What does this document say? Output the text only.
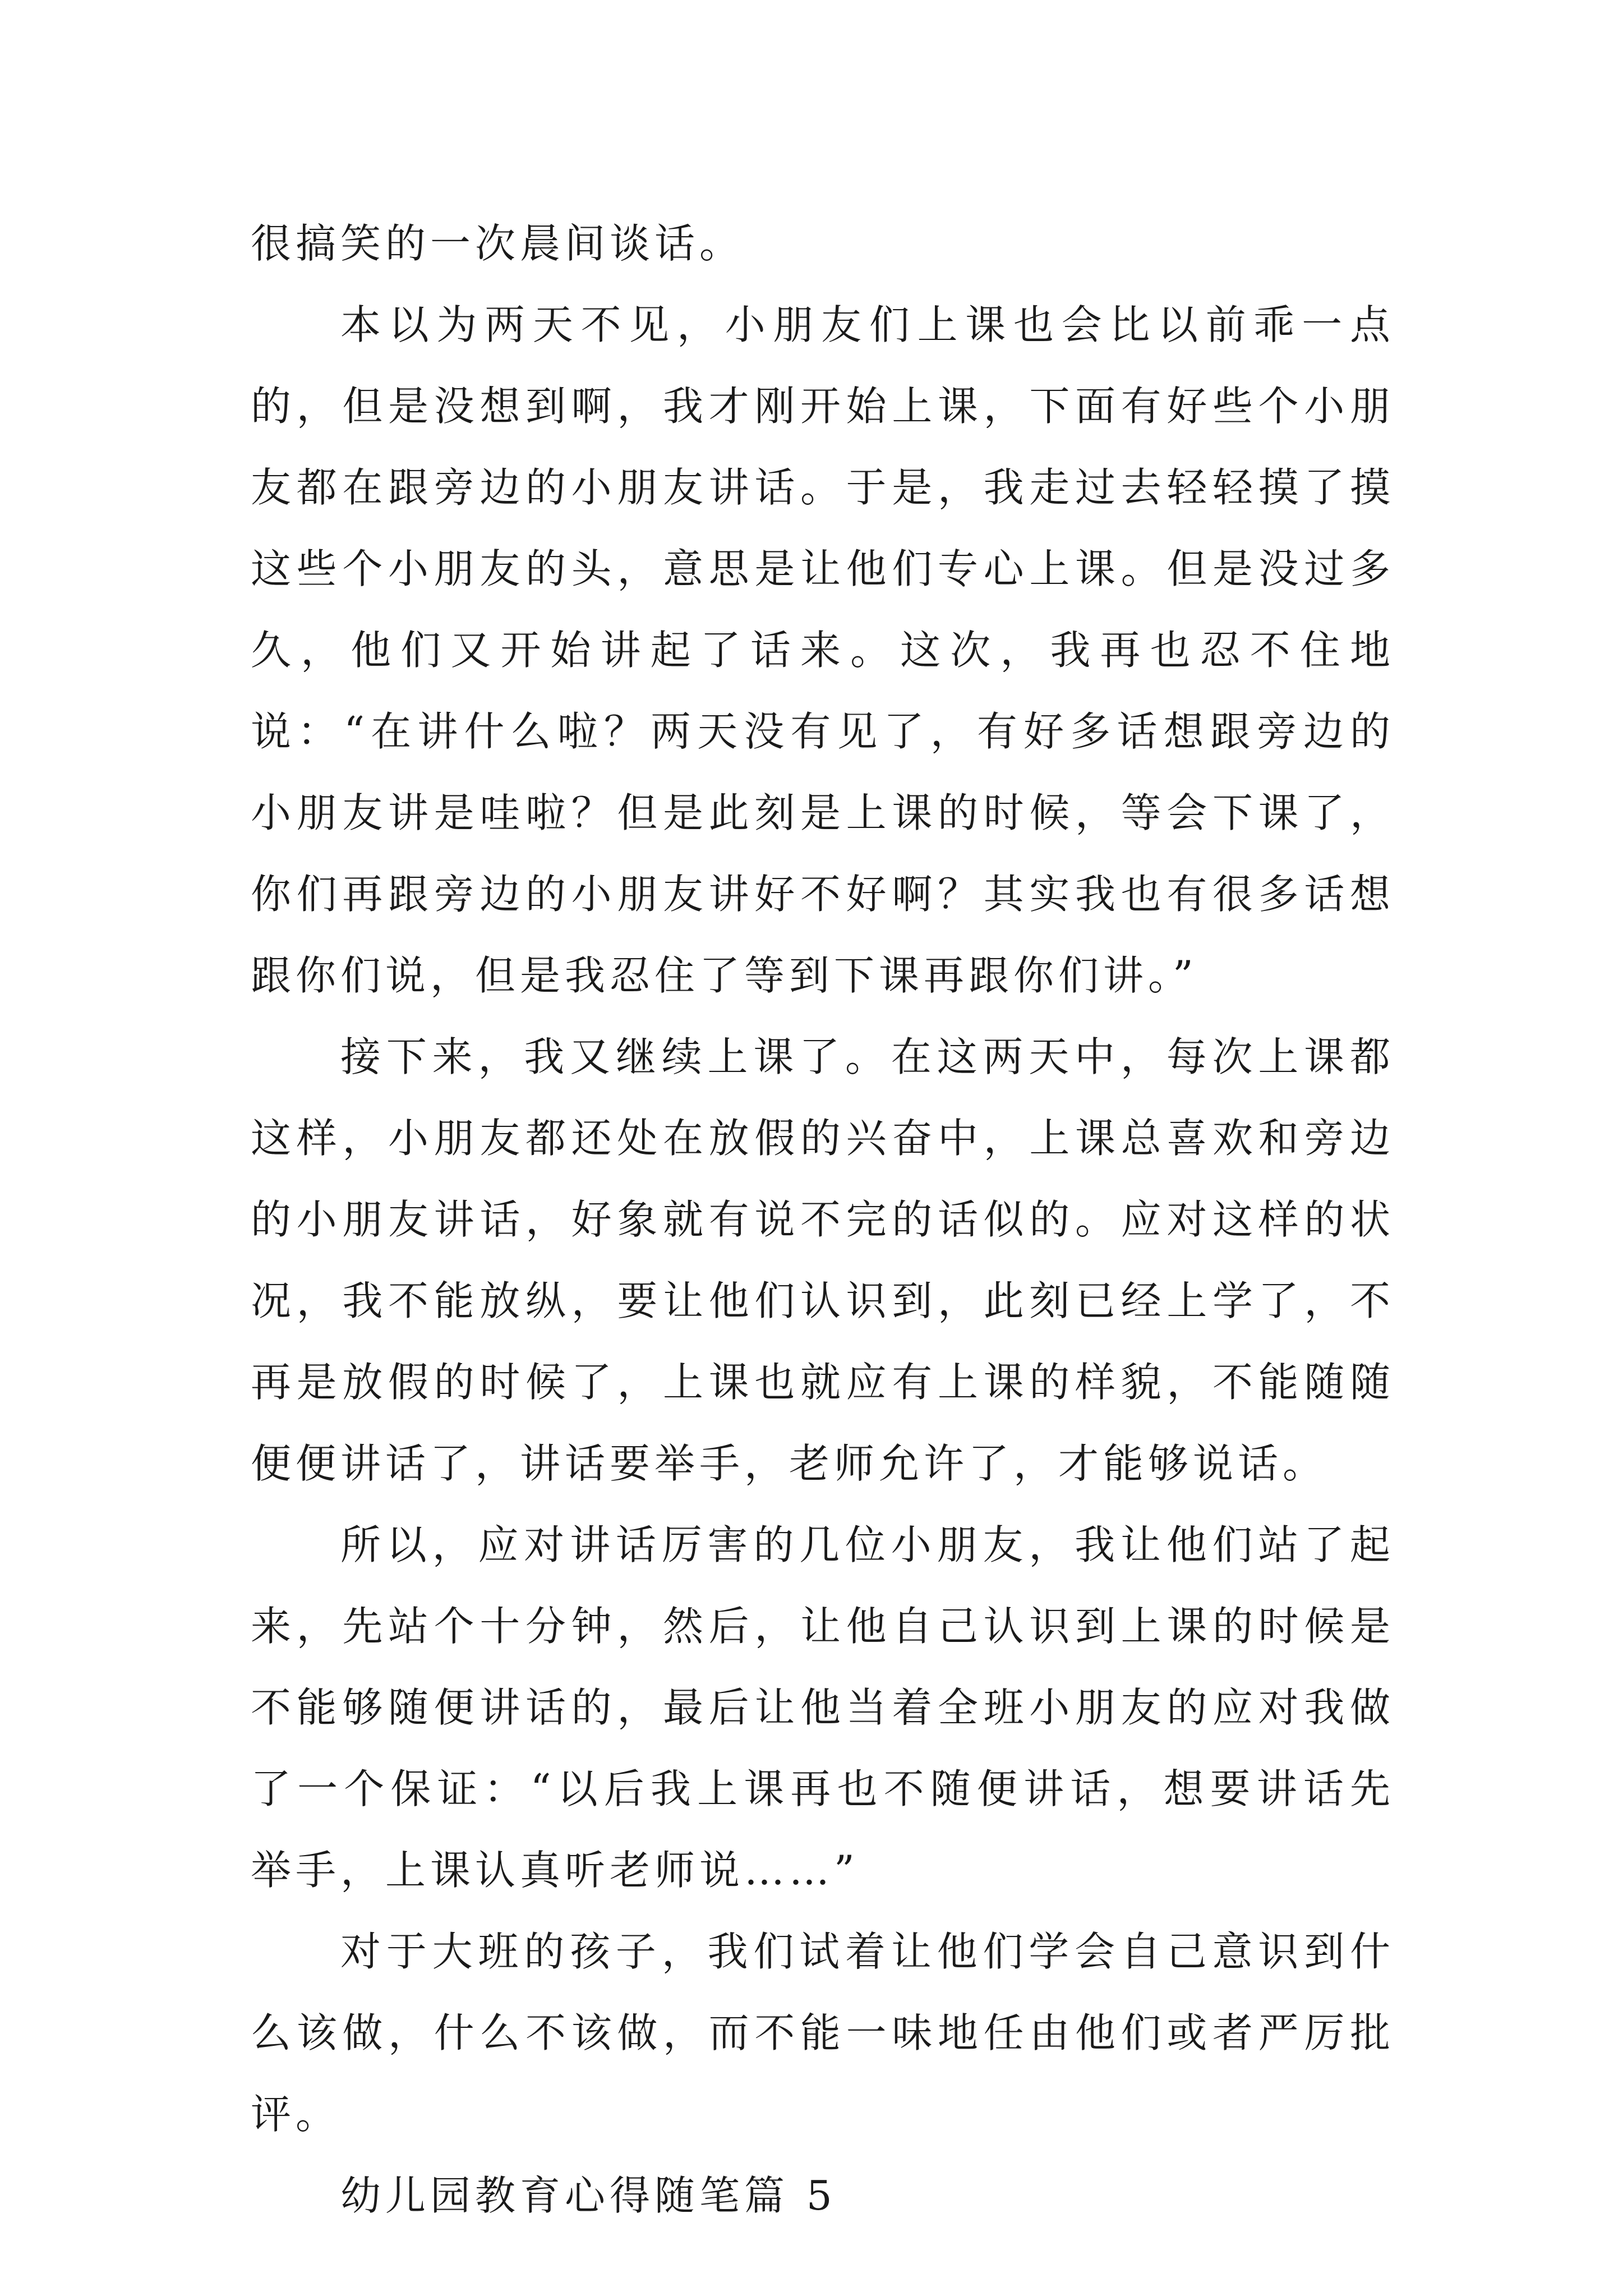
很搞笑的一次晨间谈话。

本以为两天不见，小朋友们上课也会比以前乖一点的，但是没想到啊，我才刚开始上课，下面有好些个小朋友都在跟旁边的小朋友讲话。于是，我走过去轻轻摸了摸这些个小朋友的头，意思是让他们专心上课。但是没过多久，他们又开始讲起了话来。这次，我再也忍不住地说：“在讲什么啦？两天没有见了，有好多话想跟旁边的小朋友讲是哇啦？但是此刻是上课的时候，等会下课了，你们再跟旁边的小朋友讲好不好啊？其实我也有很多话想跟你们说，但是我忍住了等到下课再跟你们讲。”

接下来，我又继续上课了。在这两天中，每次上课都这样，小朋友都还处在放假的兴奋中，上课总喜欢和旁边的小朋友讲话，好象就有说不完的话似的。应对这样的状况，我不能放纵，要让他们认识到，此刻已经上学了，不再是放假的时候了，上课也就应有上课的样貌，不能随随便便讲话了，讲话要举手，老师允许了，才能够说话。

所以，应对讲话厉害的几位小朋友，我让他们站了起来，先站个十分钟，然后，让他自己认识到上课的时候是不能够随便讲话的，最后让他当着全班小朋友的应对我做了一个保证：“以后我上课再也不随便讲话，想要讲话先举手，上课认真听老师说……”

对于大班的孩子，我们试着让他们学会自己意识到什么该做，什么不该做，而不能一味地任由他们或者严厉批评。

幼儿园教育心得随笔篇 5
